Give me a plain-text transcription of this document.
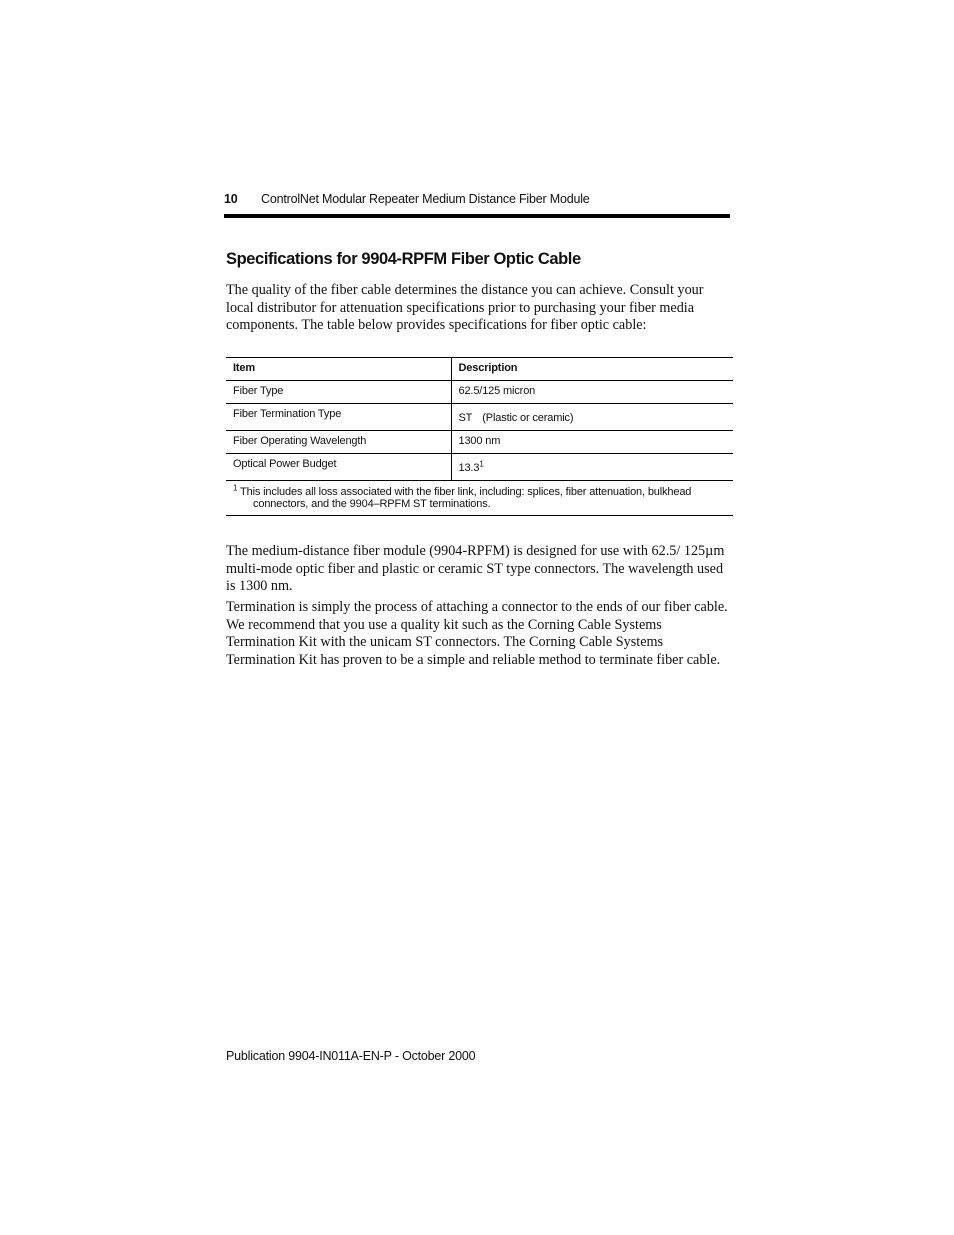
10 ControlNet Modular Repeater Medium Distance Fiber Module
Specifications for 9904-RPFM Fiber Optic Cable

The quality of the fiber cable determines the distance you can achieve. Consult your local distributor for attenuation specifications prior to purchasing your fiber media components. The table below provides specifications for fiber optic cable:

Item	Description
Fiber Type	62.5/125 micron
Fiber Termination Type	ST (Plastic or ceramic)
Fiber Operating Wavelength	1300 nm
Optical Power Budget	13.3$^1$

$^1$ This includes all loss associated with the fiber link, including: splices, fiber attenuation, bulkhead
connectors, and the 9904–RPFM ST terminations.	

The medium-distance fiber module (9904-RPFM) is designed for use with 62.5/ 125µm multi-mode optic fiber and plastic or ceramic ST type connectors. The wavelength used is 1300 nm.

Termination is simply the process of attaching a connector to the ends of our fiber cable. We recommend that you use a quality kit such as the Corning Cable Systems Termination Kit with the unicam ST connectors. The Corning Cable Systems Termination Kit has proven to be a simple and reliable method to terminate fiber cable.

Publication 9904-IN011A-EN-P - October 2000
